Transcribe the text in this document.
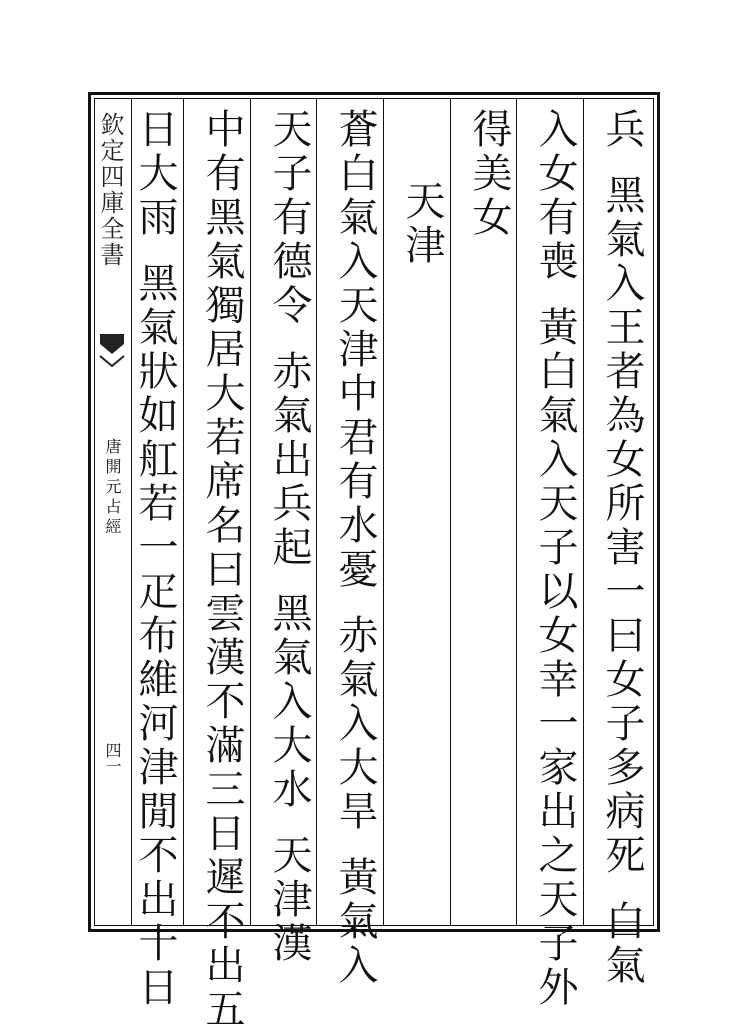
欽定四庫全書
唐開元占經
四一
兵黑氣入王者為女所害一曰女子多病死白氣
入女有喪黃白氣入天子以女幸一家出之天子外
得美女
天津
蒼白氣入天津中君有水憂赤氣入大旱黃氣入
天子有德令赤氣出兵起黑氣入大水天津漢
中有黑氣獨居大若席名曰雲漢不滿三日遲不出五
日大雨黑氣狀如舡若一疋布維河津閒不出十日
